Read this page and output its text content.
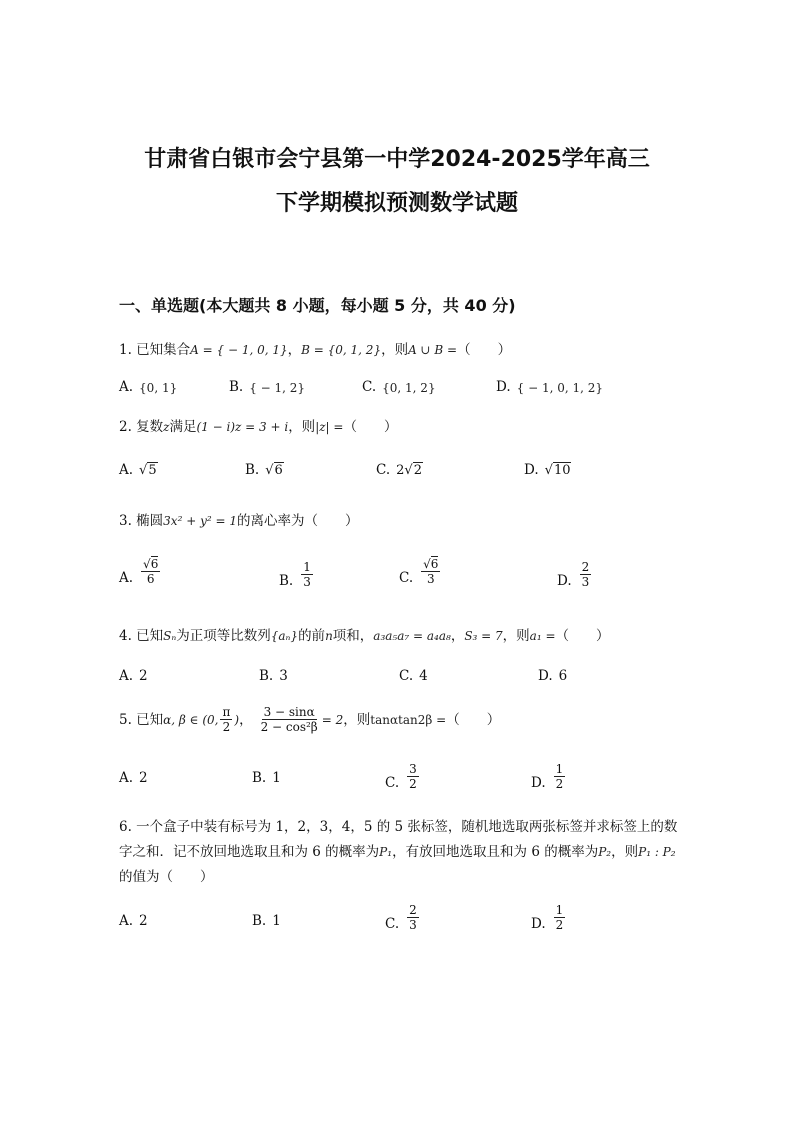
甘肃省白银市会宁县第一中学2024-2025学年高三
下学期模拟预测数学试题
一、单选题(本大题共 8 小题，每小题 5 分，共 40 分)
1. 已知集合A = { − 1, 0, 1}，B = {0, 1, 2}，则A ∪ B =（　　）
A. {0, 1}	B. { − 1, 2}	C. {0, 1, 2}	D. { − 1, 0, 1, 2}
2. 复数z满足(1 − i)z = 3 + i，则|z| =（　　）
A. √5	B. √6	C. 2√2	D. √10
3. 椭圆3x² + y² = 1的离心率为（　　）
A. $\frac{√6}{6}$	B. $\frac{1}{3}$	C. $\frac{√6}{3}$	D. $\frac{2}{3}$
4. 已知Sₙ为正项等比数列{aₙ}的前n项和，a₃a₅a₇ = a₄a₈，S₃ = 7，则a₁ =（　　）
A. 2	B. 3	C. 4	D. 6
5. 已知 α, β ∈ (0, $\frac{\pi}{2}$ ) ， $\frac{3 - \sin\alpha}{\text{2 − cos²β}} = 2$ ，则 tanαtan2β = （　　）
A. 2	B. 1	C. $\frac{3}{2}$	D. $\frac{1}{2}$
6. 一个盒子中装有标号为 1，2，3，4，5 的 5 张标签，随机地选取两张标签并求标签上的数字之和．记不放回地选取且和为 6 的概率为P₁，有放回地选取且和为 6 的概率为P₂，则P₁ : P₂的值为（　　）
A. 2	B. 1	C. $\frac{2}{3}$	D. $\frac{1}{2}$
